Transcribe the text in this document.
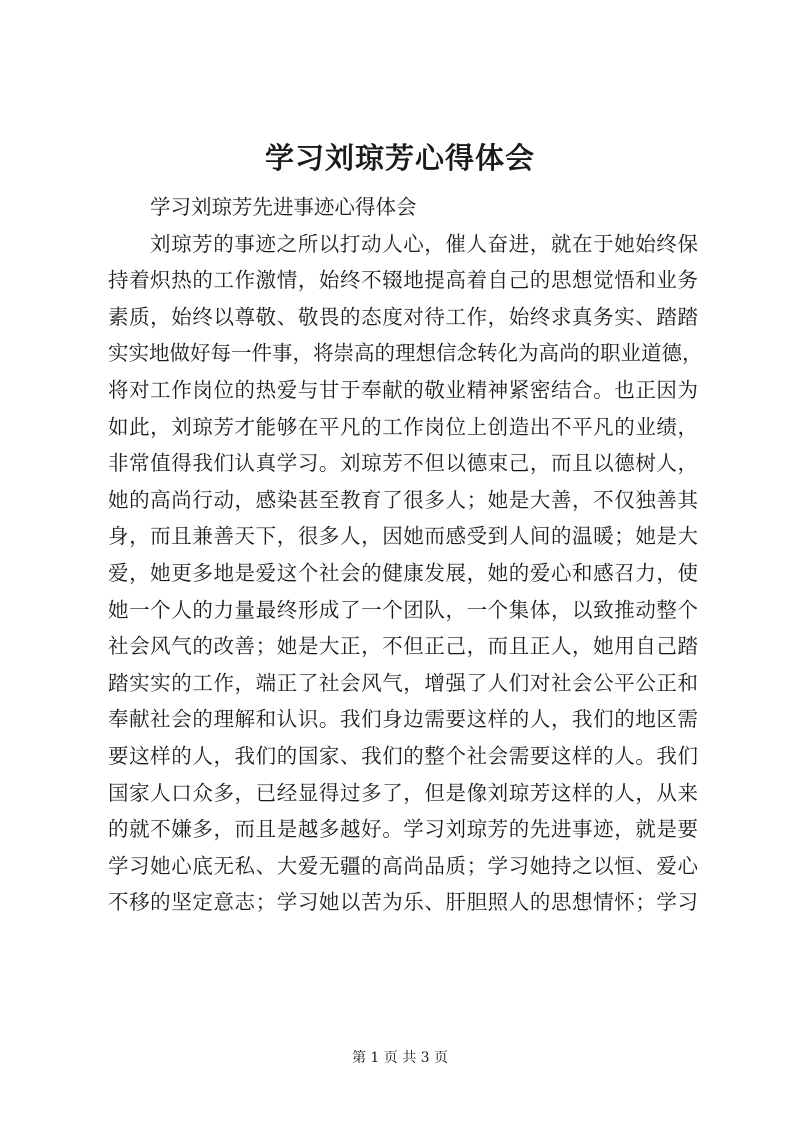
学习刘琼芳心得体会
学习刘琼芳先进事迹心得体会
刘琼芳的事迹之所以打动人心，催人奋进，就在于她始终保
持着炽热的工作激情，始终不辍地提高着自己的思想觉悟和业务
素质，始终以尊敬、敬畏的态度对待工作，始终求真务实、踏踏
实实地做好每一件事，将崇高的理想信念转化为高尚的职业道德，
将对工作岗位的热爱与甘于奉献的敬业精神紧密结合。也正因为
如此，刘琼芳才能够在平凡的工作岗位上创造出不平凡的业绩，
非常值得我们认真学习。刘琼芳不但以德束己，而且以德树人，
她的高尚行动，感染甚至教育了很多人；她是大善，不仅独善其
身，而且兼善天下，很多人，因她而感受到人间的温暖；她是大
爱，她更多地是爱这个社会的健康发展，她的爱心和感召力，使
她一个人的力量最终形成了一个团队，一个集体，以致推动整个
社会风气的改善；她是大正，不但正己，而且正人，她用自己踏
踏实实的工作，端正了社会风气，增强了人们对社会公平公正和
奉献社会的理解和认识。我们身边需要这样的人，我们的地区需
要这样的人，我们的国家、我们的整个社会需要这样的人。我们
国家人口众多，已经显得过多了，但是像刘琼芳这样的人，从来
的就不嫌多，而且是越多越好。学习刘琼芳的先进事迹，就是要
学习她心底无私、大爱无疆的高尚品质；学习她持之以恒、爱心
不移的坚定意志；学习她以苦为乐、肝胆照人的思想情怀；学习
第 1 页 共 3 页
